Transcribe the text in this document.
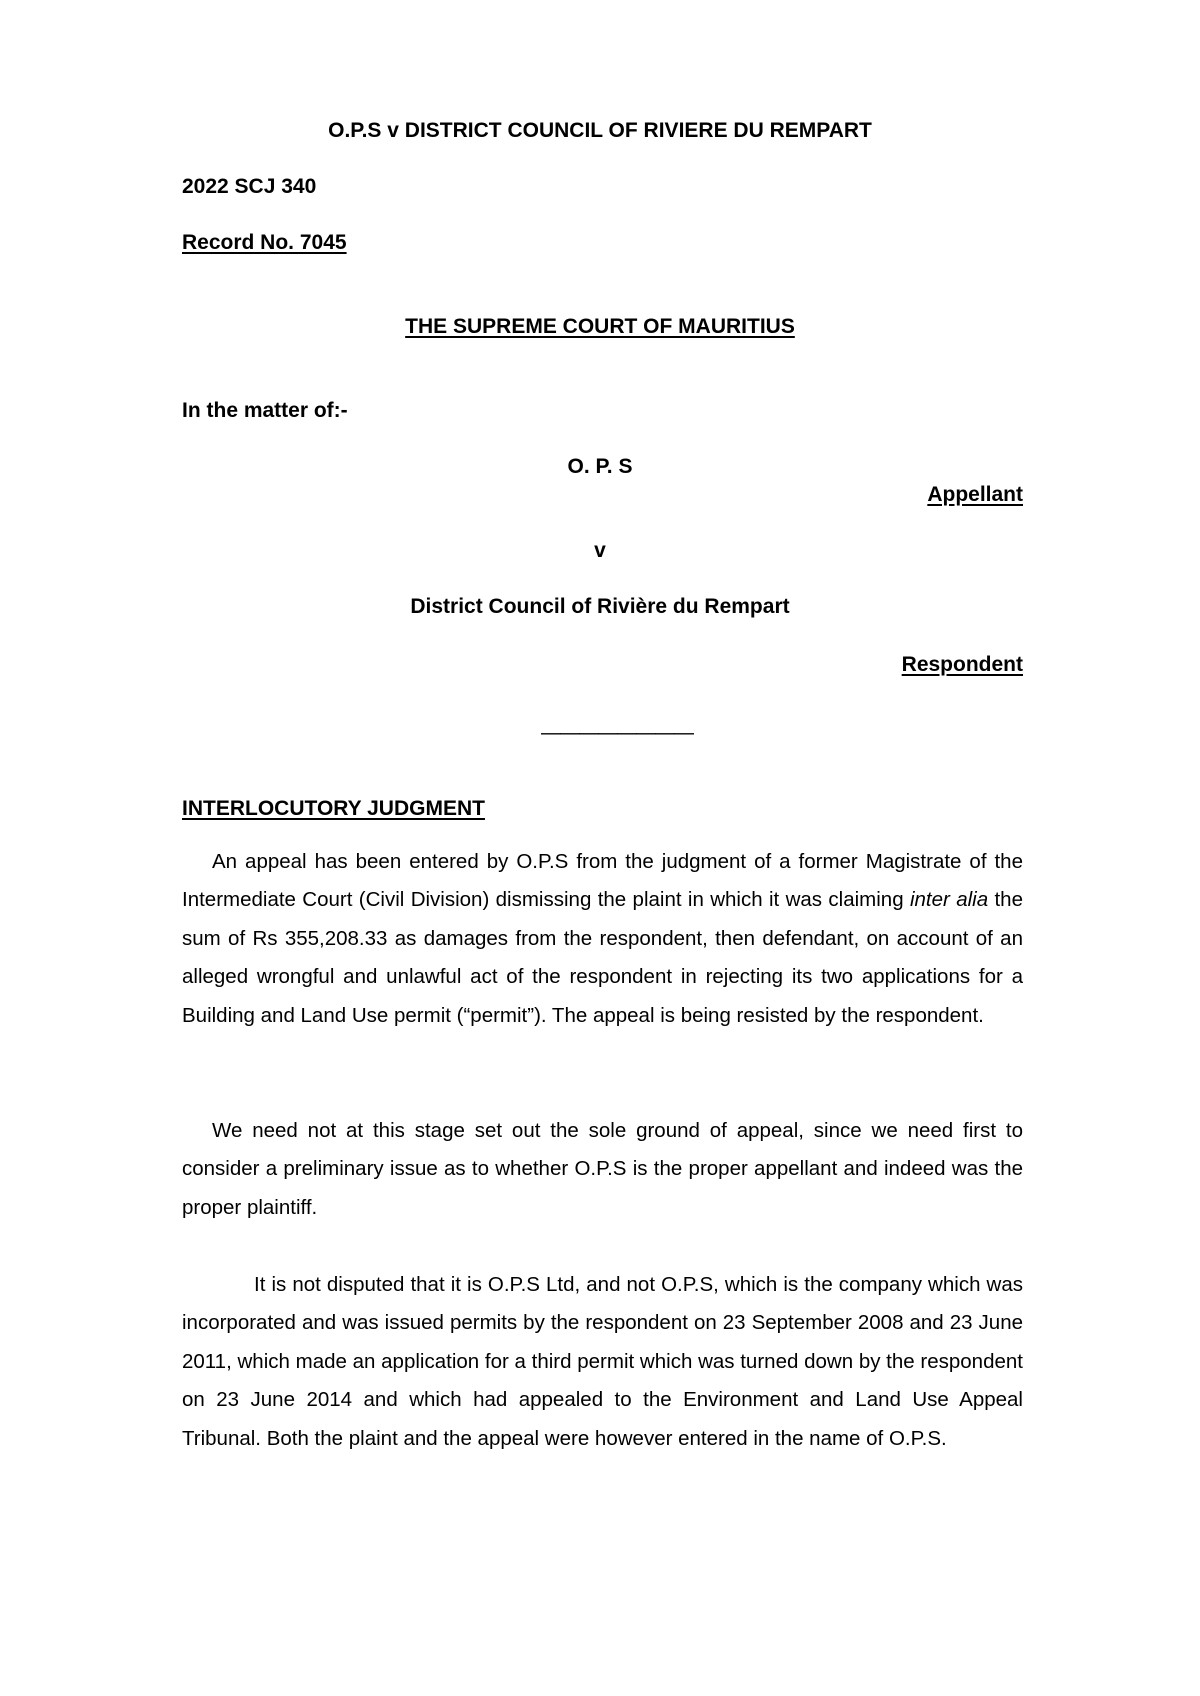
O.P.S v DISTRICT COUNCIL OF RIVIERE DU REMPART
2022 SCJ 340
Record No. 7045
THE SUPREME COURT OF MAURITIUS
In the matter of:-
O. P. S
Appellant
v
District Council of Rivière du Rempart
Respondent
————————
INTERLOCUTORY JUDGMENT

An appeal has been entered by O.P.S from the judgment of a former Magistrate of the Intermediate Court (Civil Division) dismissing the plaint in which it was claiming inter alia the sum of Rs 355,208.33 as damages from the respondent, then defendant, on account of an alleged wrongful and unlawful act of the respondent in rejecting its two applications for a Building and Land Use permit (“permit”). The appeal is being resisted by the respondent.

We need not at this stage set out the sole ground of appeal, since we need first to consider a preliminary issue as to whether O.P.S is the proper appellant and indeed was the proper plaintiff.

It is not disputed that it is O.P.S Ltd, and not O.P.S, which is the company which was incorporated and was issued permits by the respondent on 23 September 2008 and 23 June 2011, which made an application for a third permit which was turned down by the respondent on 23 June 2014 and which had appealed to the Environment and Land Use Appeal Tribunal. Both the plaint and the appeal were however entered in the name of O.P.S.
